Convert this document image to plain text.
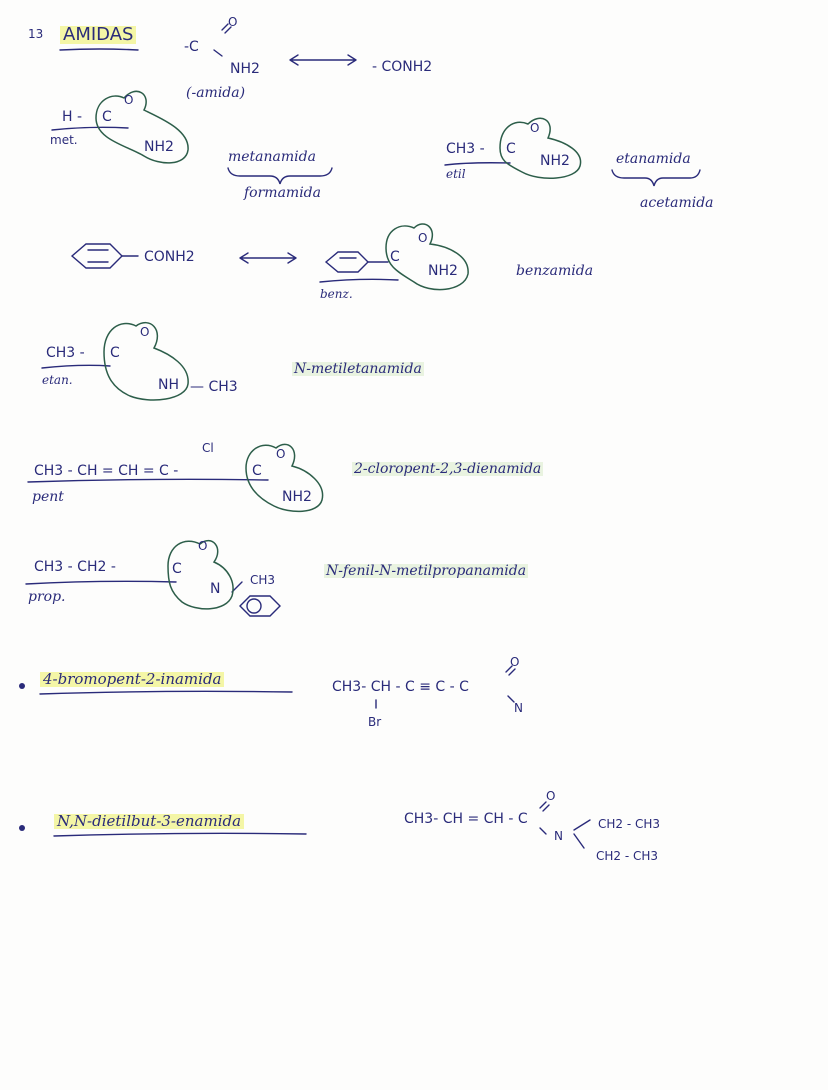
13 AMIDAS
-C
O
NH2	- CONH2
(-amida)
H - C
O
NH2
met.
metanamida
formamida
CH3 - C
O
NH2
etil
etanamida
acetamida
CONH2	C
O
NH2
benz.
benzamida
CH3 - C
O
NH — CH3
etan.
N-metiletanamida
Cl
CH3 - CH = CH = C -	C
O
NH2
pent
2-cloropent-2,3-dienamida
CH3 - CH2 -	C
O
N
CH3
prop.
N-fenil-N-metilpropanamida
4-bromopent-2-inamida	CH3- CH - C ≡ C - C
O
N
Br
N,N-dietilbut-3-enamida	CH3- CH = CH - C
O
N
CH2 - CH3
CH2 - CH3
